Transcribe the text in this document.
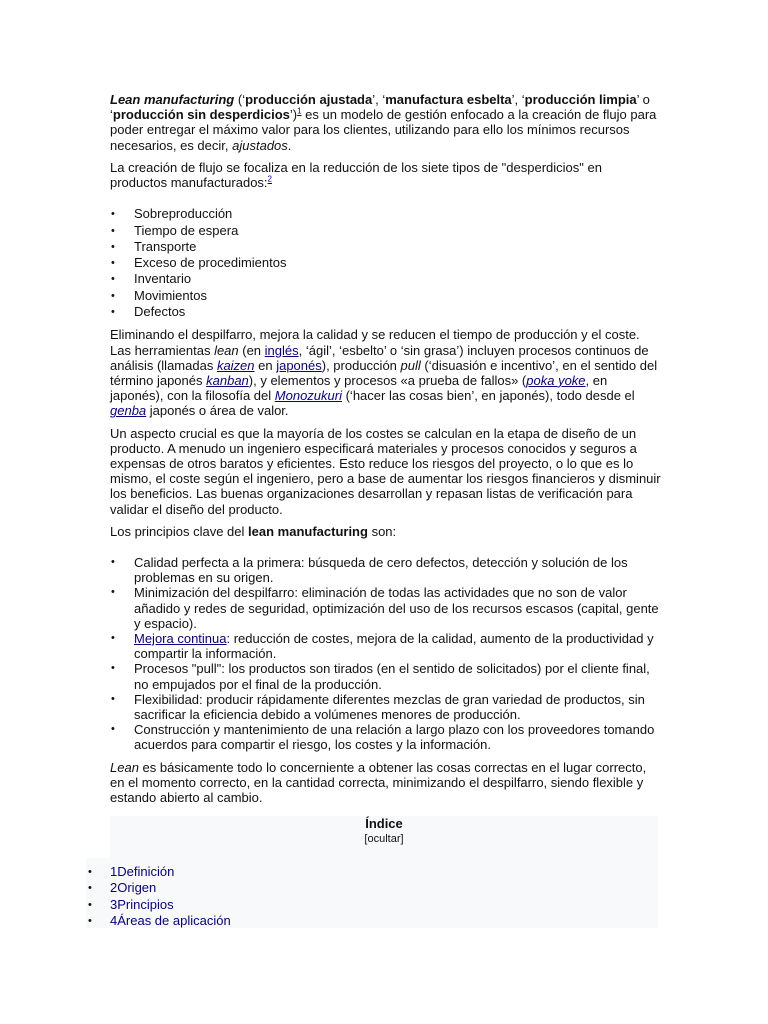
Lean manufacturing (‘producción ajustada’, ‘manufactura esbelta’, ‘producción limpia’ o ‘producción sin desperdicios’)$^1$ es un modelo de gestión enfocado a la creación de flujo para poder entregar el máximo valor para los clientes, utilizando para ello los mínimos recursos necesarios, es decir, ajustados.

La creación de flujo se focaliza en la reducción de los siete tipos de "desperdicios" en productos manufacturados:$^2$

• Sobreproducción
• Tiempo de espera
• Transporte
• Exceso de procedimientos
• Inventario
• Movimientos
• Defectos

Eliminando el despilfarro, mejora la calidad y se reducen el tiempo de producción y el coste. Las herramientas lean (en inglés, ‘ágil’, ‘esbelto’ o ‘sin grasa’) incluyen procesos continuos de análisis (llamadas kaizen en japonés), producción pull (‘disuasión e incentivo’, en el sentido del término japonés kanban), y elementos y procesos «a prueba de fallos» (poka yoke, en japonés), con la filosofía del Monozukuri (‘hacer las cosas bien’, en japonés), todo desde el genba japonés o área de valor.

Un aspecto crucial es que la mayoría de los costes se calculan en la etapa de diseño de un producto. A menudo un ingeniero especificará materiales y procesos conocidos y seguros a expensas de otros baratos y eficientes. Esto reduce los riesgos del proyecto, o lo que es lo mismo, el coste según el ingeniero, pero a base de aumentar los riesgos financieros y disminuir los beneficios. Las buenas organizaciones desarrollan y repasan listas de verificación para validar el diseño del producto.

Los principios clave del lean manufacturing son:

• Calidad perfecta a la primera: búsqueda de cero defectos, detección y solución de los problemas en su origen.
• Minimización del despilfarro: eliminación de todas las actividades que no son de valor añadido y redes de seguridad, optimización del uso de los recursos escasos (capital, gente y espacio).
• Mejora continua: reducción de costes, mejora de la calidad, aumento de la productividad y compartir la información.
• Procesos "pull": los productos son tirados (en el sentido de solicitados) por el cliente final, no empujados por el final de la producción.
• Flexibilidad: producir rápidamente diferentes mezclas de gran variedad de productos, sin sacrificar la eficiencia debido a volúmenes menores de producción.
• Construcción y mantenimiento de una relación a largo plazo con los proveedores tomando acuerdos para compartir el riesgo, los costes y la información.

Lean es básicamente todo lo concerniente a obtener las cosas correctas en el lugar correcto, en el momento correcto, en la cantidad correcta, minimizando el despilfarro, siendo flexible y estando abierto al cambio.

Índice
[ocultar]
• 1Definición
• 2Origen
• 3Principios
• 4Áreas de aplicación
